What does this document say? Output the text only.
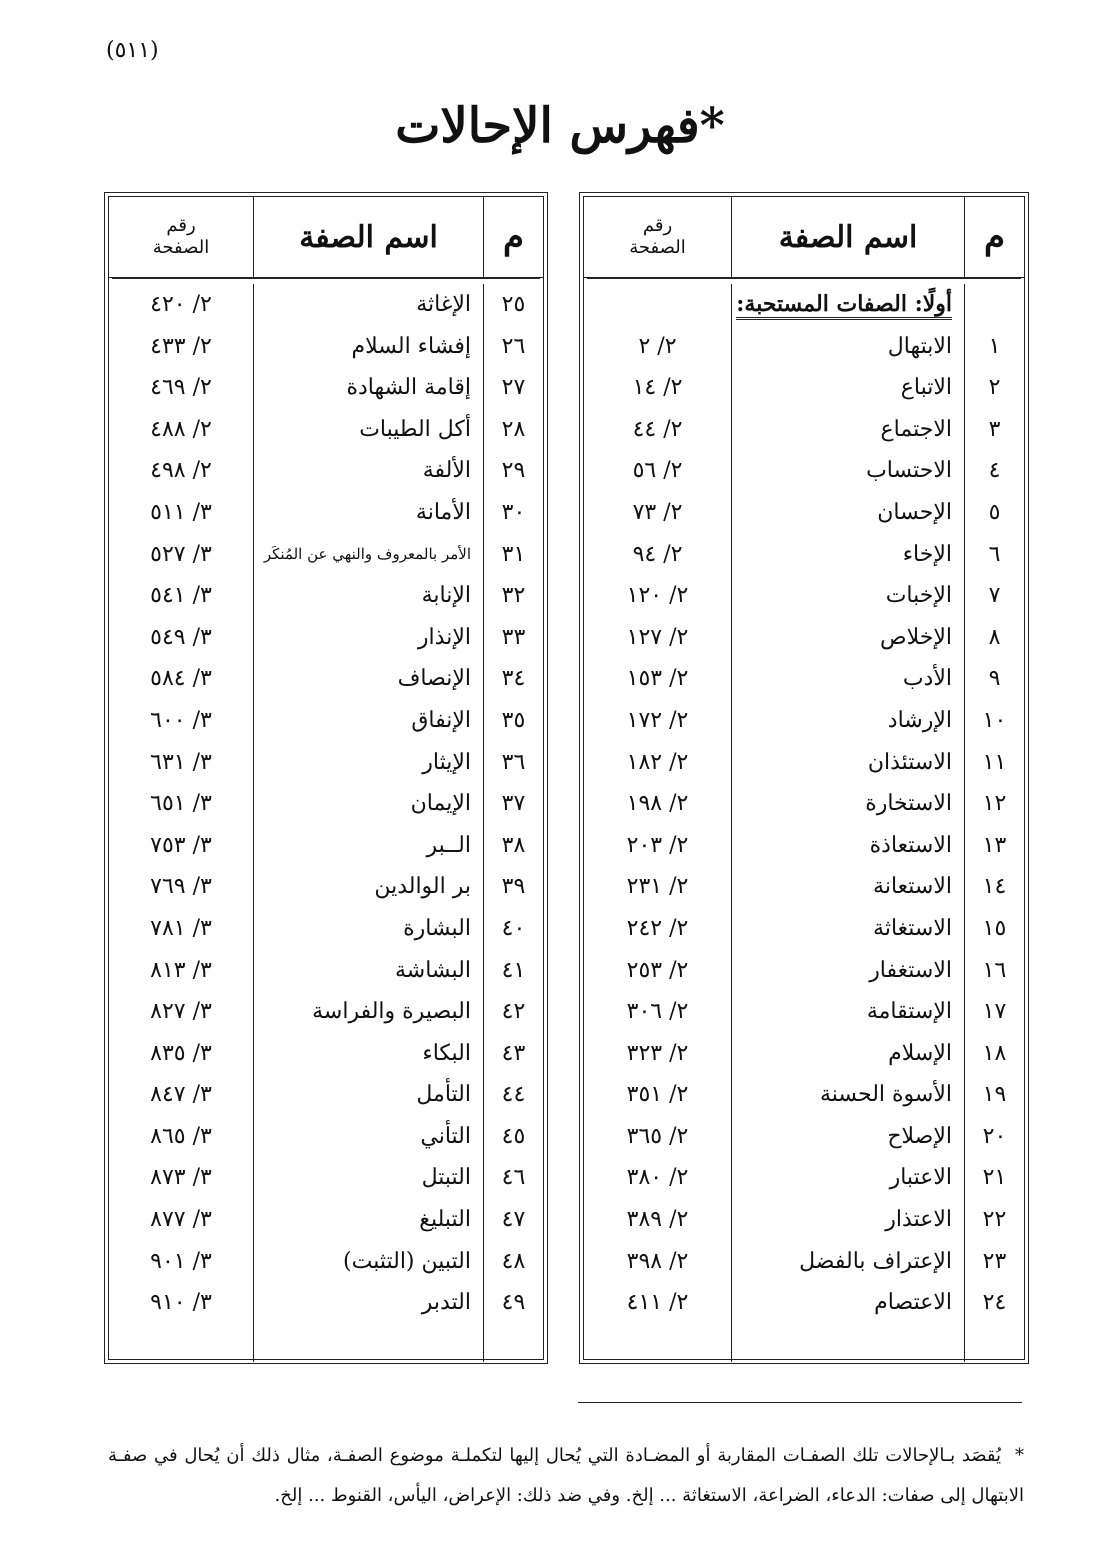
(٥١١)
فهرس الإحالات*
م
اسم الصفة
رقم
الصفحة
١
٢
٣
٤
٥
٦
٧
٨
٩
١٠
١١
١٢
١٣
١٤
١٥
١٦
١٧
١٨
١٩
٢٠
٢١
٢٢
٢٣
٢٤
أولًا: الصفات المستحبة:
الابتهال
الاتباع
الاجتماع
الاحتساب
الإحسان
الإخاء
الإخبات
الإخلاص
الأدب
الإرشاد
الاستئذان
الاستخارة
الاستعاذة
الاستعانة
الاستغاثة
الاستغفار
الإستقامة
الإسلام
الأسوة الحسنة
الإصلاح
الاعتبار
الاعتذار
الإعتراف بالفضل
الاعتصام
٢/ ٢
٢/ ١٤
٢/ ٤٤
٢/ ٥٦
٢/ ٧٣
٢/ ٩٤
٢/ ١٢٠
٢/ ١٢٧
٢/ ١٥٣
٢/ ١٧٢
٢/ ١٨٢
٢/ ١٩٨
٢/ ٢٠٣
٢/ ٢٣١
٢/ ٢٤٢
٢/ ٢٥٣
٢/ ٣٠٦
٢/ ٣٢٣
٢/ ٣٥١
٢/ ٣٦٥
٢/ ٣٨٠
٢/ ٣٨٩
٢/ ٣٩٨
٢/ ٤١١
م
اسم الصفة
رقم
الصفحة
٢٥
٢٦
٢٧
٢٨
٢٩
٣٠
٣١
٣٢
٣٣
٣٤
٣٥
٣٦
٣٧
٣٨
٣٩
٤٠
٤١
٤٢
٤٣
٤٤
٤٥
٤٦
٤٧
٤٨
٤٩
الإغاثة
إفشاء السلام
إقامة الشهادة
أكل الطيبات
الألفة
الأمانة
الأمر بالمعروف والنهي عن المُنكَر
الإنابة
الإنذار
الإنصاف
الإنفاق
الإيثار
الإيمان
الــبر
بر الوالدين
البشارة
البشاشة
البصيرة والفراسة
البكاء
التأمل
التأني
التبتل
التبليغ
التبين (التثبت)
التدبر
٢/ ٤٢٠
٢/ ٤٣٣
٢/ ٤٦٩
٢/ ٤٨٨
٢/ ٤٩٨
٣/ ٥١١
٣/ ٥٢٧
٣/ ٥٤١
٣/ ٥٤٩
٣/ ٥٨٤
٣/ ٦٠٠
٣/ ٦٣١
٣/ ٦٥١
٣/ ٧٥٣
٣/ ٧٦٩
٣/ ٧٨١
٣/ ٨١٣
٣/ ٨٢٧
٣/ ٨٣٥
٣/ ٨٤٧
٣/ ٨٦٥
٣/ ٨٧٣
٣/ ٨٧٧
٣/ ٩٠١
٣/ ٩١٠

*يُقصَد بـالإحالات تلك الصفـات المقاربة أو المضـادة التي يُحال إليها لتكملـة موضوع الصفـة، مثال ذلك أن يُحال في صفـة الابتهال إلى صفات: الدعاء، الضراعة، الاستغاثة ... إلخ. وفي ضد ذلك: الإعراض، اليأس، القنوط ... إلخ.
